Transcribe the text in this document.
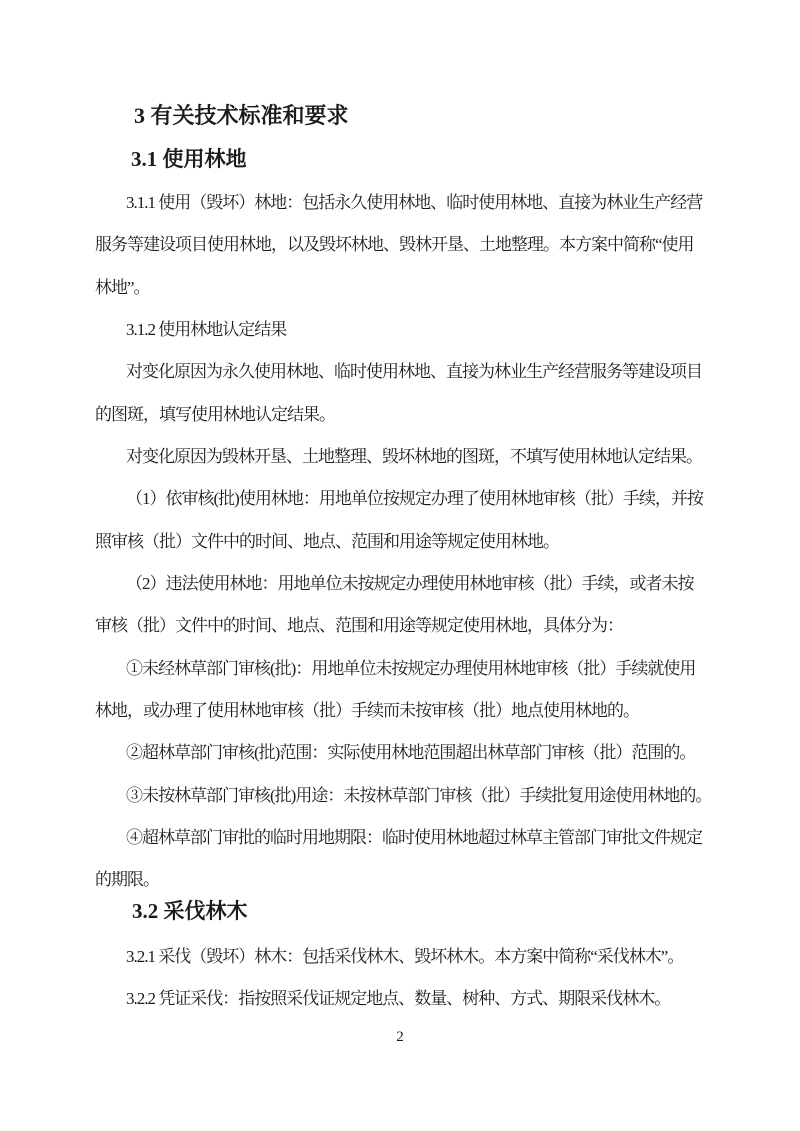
3 有关技术标准和要求
3.1 使用林地
3.1.1 使用（毁坏）林地：包括永久使用林地、临时使用林地、直接为林业生产经营
服务等建设项目使用林地，以及毁坏林地、毁林开垦、土地整理。本方案中简称“使用
林地”。
3.1.2 使用林地认定结果
对变化原因为永久使用林地、临时使用林地、直接为林业生产经营服务等建设项目
的图斑，填写使用林地认定结果。
对变化原因为毁林开垦、土地整理、毁坏林地的图斑，不填写使用林地认定结果。
（1）依审核(批)使用林地：用地单位按规定办理了使用林地审核（批）手续，并按
照审核（批）文件中的时间、地点、范围和用途等规定使用林地。
（2）违法使用林地：用地单位未按规定办理使用林地审核（批）手续，或者未按
审核（批）文件中的时间、地点、范围和用途等规定使用林地，具体分为：
①未经林草部门审核(批)：用地单位未按规定办理使用林地审核（批）手续就使用
林地，或办理了使用林地审核（批）手续而未按审核（批）地点使用林地的。
②超林草部门审核(批)范围：实际使用林地范围超出林草部门审核（批）范围的。
③未按林草部门审核(批)用途：未按林草部门审核（批）手续批复用途使用林地的。
④超林草部门审批的临时用地期限：临时使用林地超过林草主管部门审批文件规定
的期限。
3.2 采伐林木
3.2.1 采伐（毁坏）林木：包括采伐林木、毁坏林木。本方案中简称“采伐林木”。
3.2.2 凭证采伐：指按照采伐证规定地点、数量、树种、方式、期限采伐林木。
2
